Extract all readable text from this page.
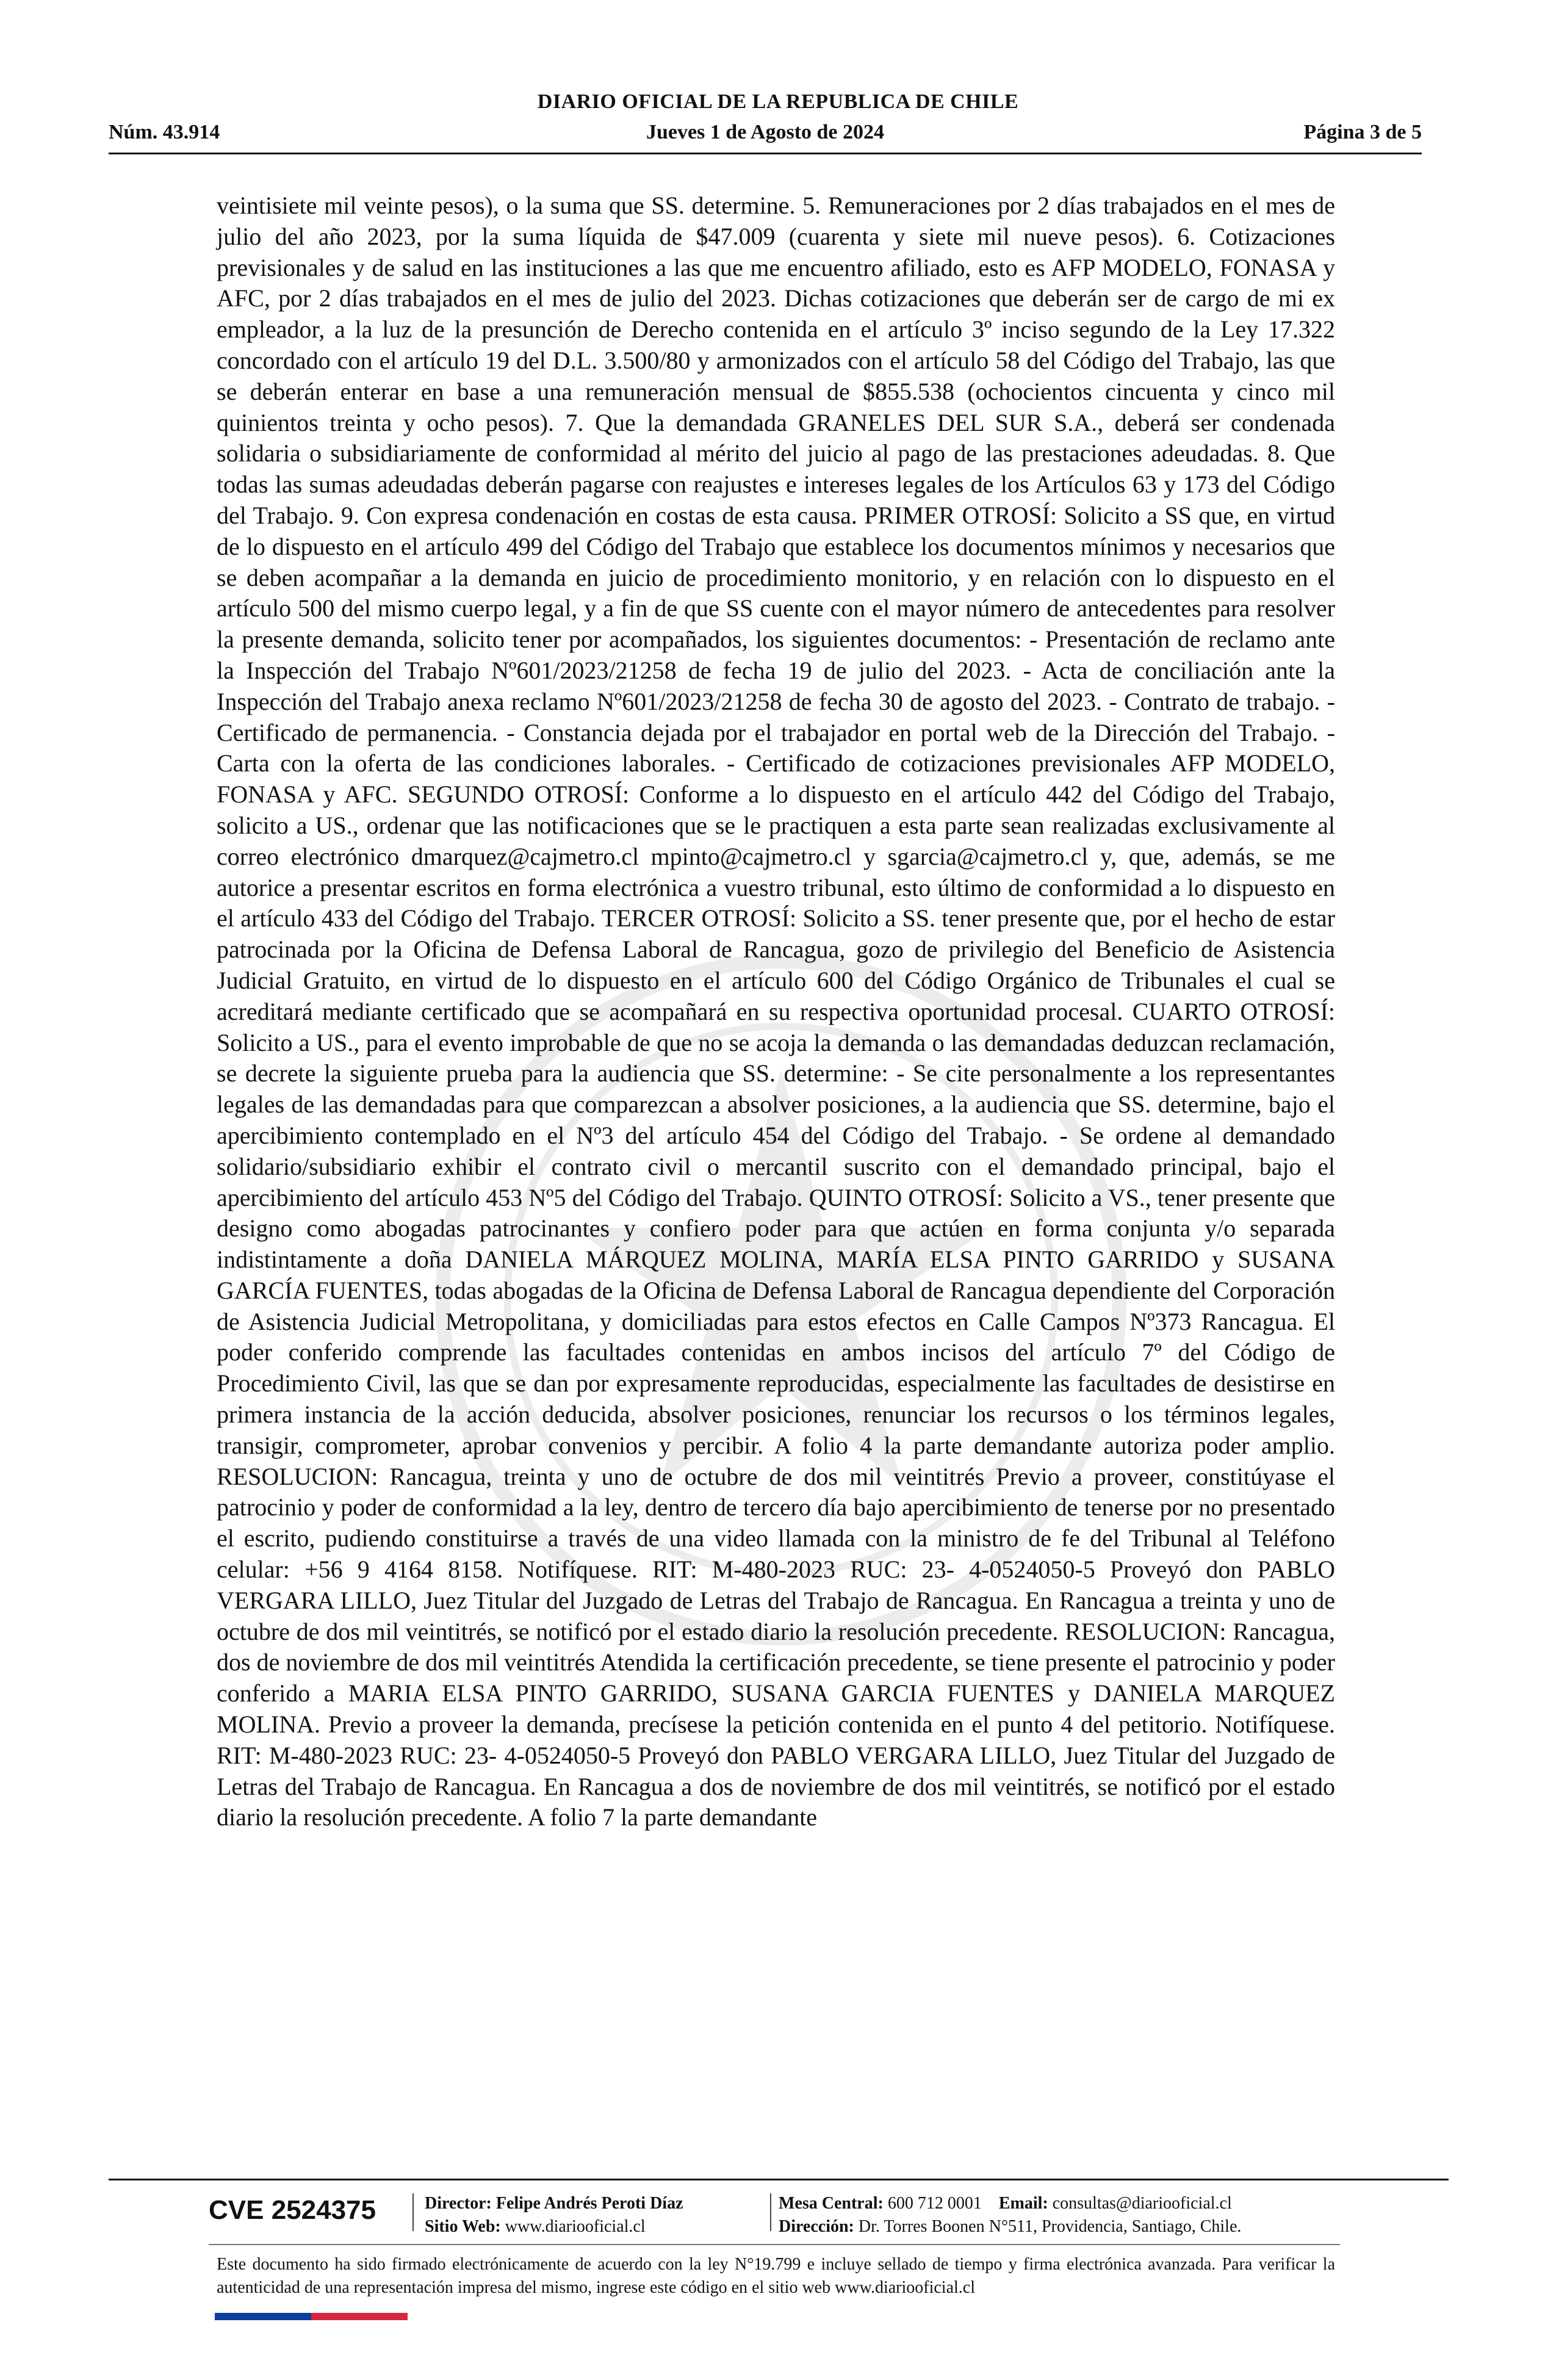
DIARIO OFICIAL DE LA REPUBLICA DE CHILE
Núm. 43.914	Jueves 1 de Agosto de 2024	Página 3 de 5

veintisiete mil veinte pesos), o la suma que SS. determine. 5. Remuneraciones por 2 días trabajados en el mes de julio del año 2023, por la suma líquida de $47.009 (cuarenta y siete mil nueve pesos). 6. Cotizaciones previsionales y de salud en las instituciones a las que me encuentro afiliado, esto es AFP MODELO, FONASA y AFC, por 2 días trabajados en el mes de julio del 2023. Dichas cotizaciones que deberán ser de cargo de mi ex empleador, a la luz de la presunción de Derecho contenida en el artículo 3º inciso segundo de la Ley 17.322 concordado con el artículo 19 del D.L. 3.500/80 y armonizados con el artículo 58 del Código del Trabajo, las que se deberán enterar en base a una remuneración mensual de $855.538 (ochocientos cincuenta y cinco mil quinientos treinta y ocho pesos). 7. Que la demandada GRANELES DEL SUR S.A., deberá ser condenada solidaria o subsidiariamente de conformidad al mérito del juicio al pago de las prestaciones adeudadas. 8. Que todas las sumas adeudadas deberán pagarse con reajustes e intereses legales de los Artículos 63 y 173 del Código del Trabajo. 9. Con expresa condenación en costas de esta causa. PRIMER OTROSÍ: Solicito a SS que, en virtud de lo dispuesto en el artículo 499 del Código del Trabajo que establece los documentos mínimos y necesarios que se deben acompañar a la demanda en juicio de procedimiento monitorio, y en relación con lo dispuesto en el artículo 500 del mismo cuerpo legal, y a fin de que SS cuente con el mayor número de antecedentes para resolver la presente demanda, solicito tener por acompañados, los siguientes documentos: - Presentación de reclamo ante la Inspección del Trabajo Nº601/2023/21258 de fecha 19 de julio del 2023. - Acta de conciliación ante la Inspección del Trabajo anexa reclamo Nº601/2023/21258 de fecha 30 de agosto del 2023. - Contrato de trabajo. - Certificado de permanencia. - Constancia dejada por el trabajador en portal web de la Dirección del Trabajo. - Carta con la oferta de las condiciones laborales. - Certificado de cotizaciones previsionales AFP MODELO, FONASA y AFC. SEGUNDO OTROSÍ: Conforme a lo dispuesto en el artículo 442 del Código del Trabajo, solicito a US., ordenar que las notificaciones que se le practiquen a esta parte sean realizadas exclusivamente al correo electrónico dmarquez@cajmetro.cl mpinto@cajmetro.cl y sgarcia@cajmetro.cl y, que, además, se me autorice a presentar escritos en forma electrónica a vuestro tribunal, esto último de conformidad a lo dispuesto en el artículo 433 del Código del Trabajo. TERCER OTROSÍ: Solicito a SS. tener presente que, por el hecho de estar patrocinada por la Oficina de Defensa Laboral de Rancagua, gozo de privilegio del Beneficio de Asistencia Judicial Gratuito, en virtud de lo dispuesto en el artículo 600 del Código Orgánico de Tribunales el cual se acreditará mediante certificado que se acompañará en su respectiva oportunidad procesal. CUARTO OTROSÍ: Solicito a US., para el evento improbable de que no se acoja la demanda o las demandadas deduzcan reclamación, se decrete la siguiente prueba para la audiencia que SS. determine: - Se cite personalmente a los representantes legales de las demandadas para que comparezcan a absolver posiciones, a la audiencia que SS. determine, bajo el apercibimiento contemplado en el Nº3 del artículo 454 del Código del Trabajo. - Se ordene al demandado solidario/subsidiario exhibir el contrato civil o mercantil suscrito con el demandado principal, bajo el apercibimiento del artículo 453 Nº5 del Código del Trabajo. QUINTO OTROSÍ: Solicito a VS., tener presente que designo como abogadas patrocinantes y confiero poder para que actúen en forma conjunta y/o separada indistintamente a doña DANIELA MÁRQUEZ MOLINA, MARÍA ELSA PINTO GARRIDO y SUSANA GARCÍA FUENTES, todas abogadas de la Oficina de Defensa Laboral de Rancagua dependiente del Corporación de Asistencia Judicial Metropolitana, y domiciliadas para estos efectos en Calle Campos Nº373 Rancagua. El poder conferido comprende las facultades contenidas en ambos incisos del artículo 7º del Código de Procedimiento Civil, las que se dan por expresamente reproducidas, especialmente las facultades de desistirse en primera instancia de la acción deducida, absolver posiciones, renunciar los recursos o los términos legales, transigir, comprometer, aprobar convenios y percibir. A folio 4 la parte demandante autoriza poder amplio. RESOLUCION: Rancagua, treinta y uno de octubre de dos mil veintitrés Previo a proveer, constitúyase el patrocinio y poder de conformidad a la ley, dentro de tercero día bajo apercibimiento de tenerse por no presentado el escrito, pudiendo constituirse a través de una video llamada con la ministro de fe del Tribunal al Teléfono celular: +56 9 4164 8158. Notifíquese. RIT: M-480-2023 RUC: 23- 4-0524050-5 Proveyó don PABLO VERGARA LILLO, Juez Titular del Juzgado de Letras del Trabajo de Rancagua. En Rancagua a treinta y uno de octubre de dos mil veintitrés, se notificó por el estado diario la resolución precedente. RESOLUCION: Rancagua, dos de noviembre de dos mil veintitrés Atendida la certificación precedente, se tiene presente el patrocinio y poder conferido a MARIA ELSA PINTO GARRIDO, SUSANA GARCIA FUENTES y DANIELA MARQUEZ MOLINA. Previo a proveer la demanda, precísese la petición contenida en el punto 4 del petitorio. Notifíquese. RIT: M-480-2023 RUC: 23- 4-0524050-5 Proveyó don PABLO VERGARA LILLO, Juez Titular del Juzgado de Letras del Trabajo de Rancagua. En Rancagua a dos de noviembre de dos mil veintitrés, se notificó por el estado diario la resolución precedente. A folio 7 la parte demandante

CVE 2524375	Director: Felipe Andrés Peroti Díaz
Sitio Web: www.diariooficial.cl
Mesa Central: 600 712 0001 Email: consultas@diariooficial.cl
Dirección: Dr. Torres Boonen N°511, Providencia, Santiago, Chile.

Este documento ha sido firmado electrónicamente de acuerdo con la ley N°19.799 e incluye sellado de tiempo y firma electrónica avanzada. Para verificar la autenticidad de una representación impresa del mismo, ingrese este código en el sitio web www.diariooficial.cl
